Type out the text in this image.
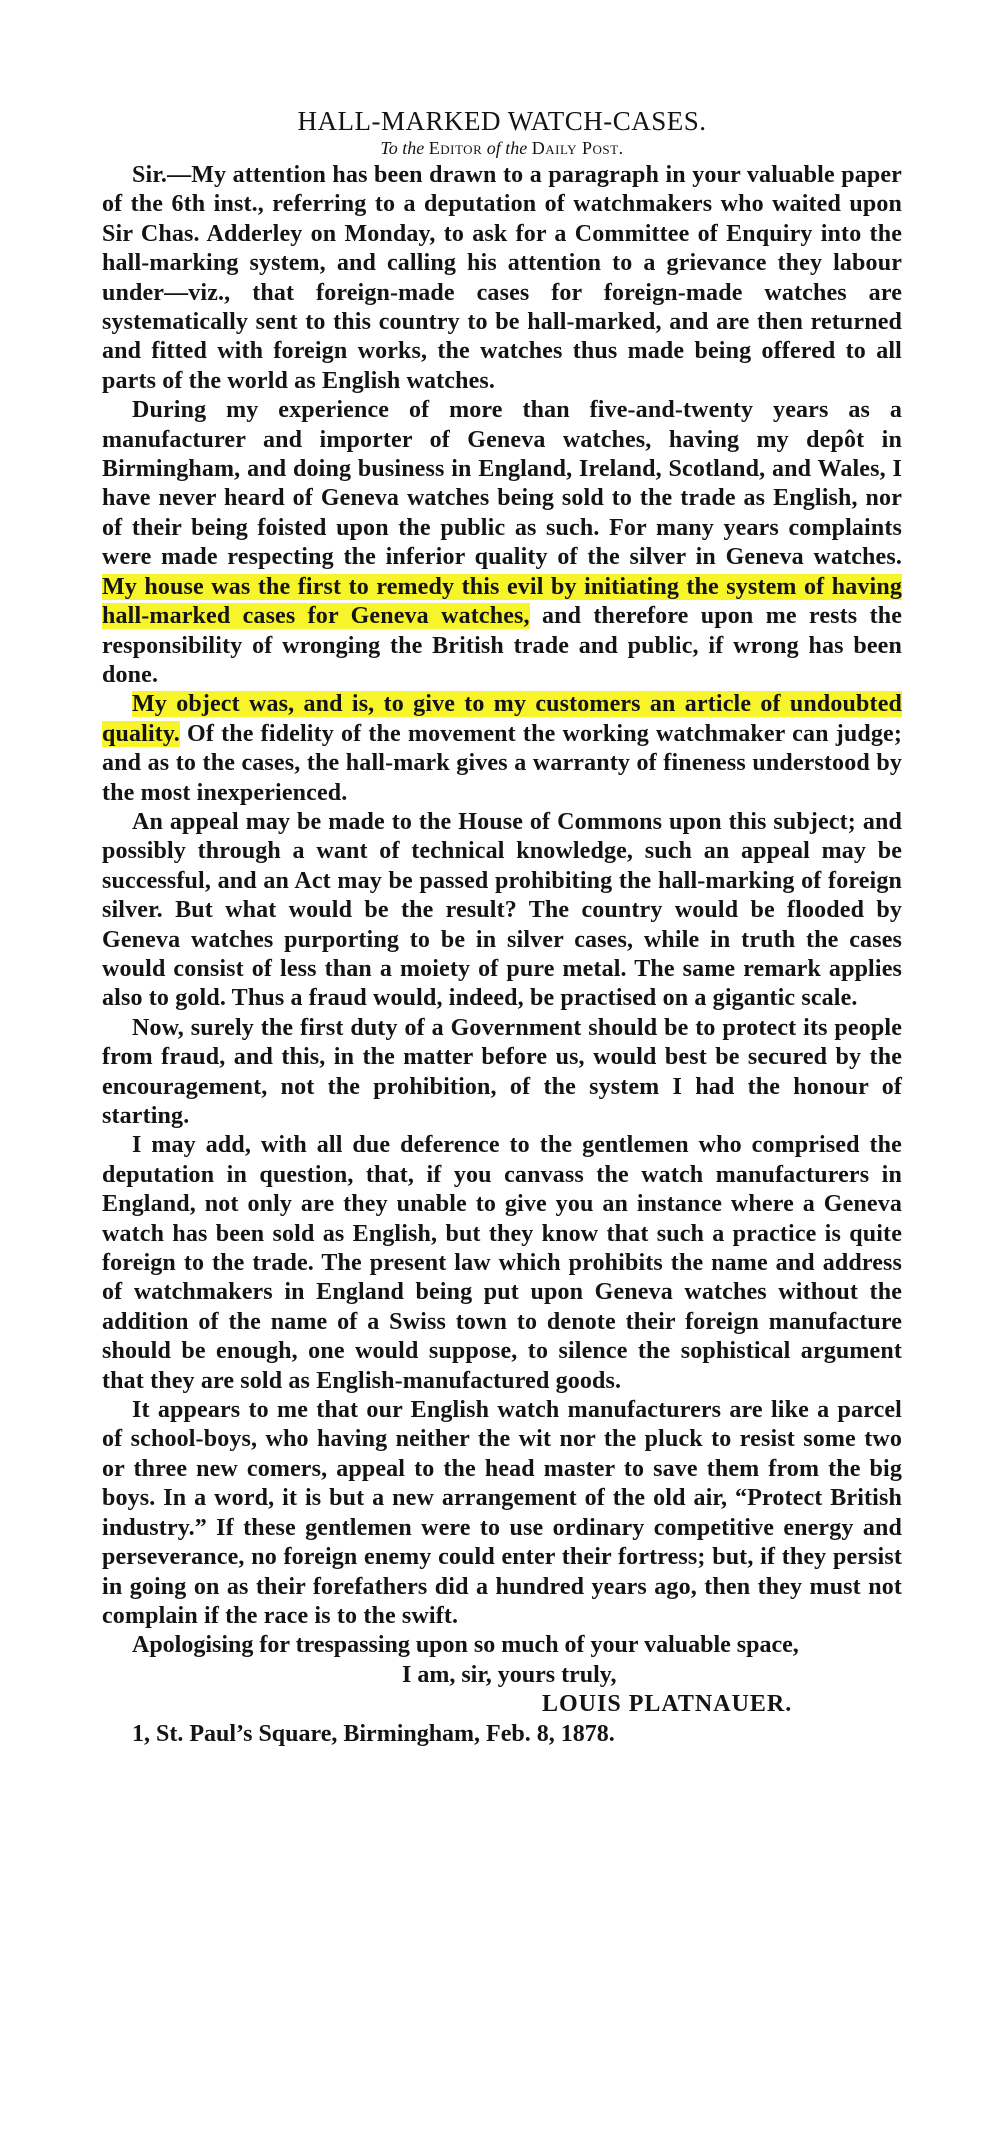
HALL-MARKED WATCH-CASES.
To the Editor of the Daily Post.

Sir.—My attention has been drawn to a paragraph in your valuable paper of the 6th inst., referring to a deputation of watchmakers who waited upon Sir Chas. Adderley on Monday, to ask for a Committee of Enquiry into the hall-marking system, and calling his attention to a grievance they labour under—viz., that foreign-made cases for foreign-made watches are systematically sent to this country to be hall-marked, and are then returned and fitted with foreign works, the watches thus made being offered to all parts of the world as English watches.

During my experience of more than five-and-twenty years as a manufacturer and importer of Geneva watches, having my depôt in Birmingham, and doing business in England, Ireland, Scotland, and Wales, I have never heard of Geneva watches being sold to the trade as English, nor of their being foisted upon the public as such. For many years complaints were made respecting the inferior quality of the silver in Geneva watches. My house was the first to remedy this evil by initiating the system of having hall-marked cases for Geneva watches, and therefore upon me rests the responsibility of wronging the British trade and public, if wrong has been done.

My object was, and is, to give to my customers an article of undoubted quality. Of the fidelity of the movement the working watchmaker can judge; and as to the cases, the hall-mark gives a warranty of fineness understood by the most inexperienced.

An appeal may be made to the House of Commons upon this subject; and possibly through a want of technical knowledge, such an appeal may be successful, and an Act may be passed prohibiting the hall-marking of foreign silver. But what would be the result? The country would be flooded by Geneva watches purporting to be in silver cases, while in truth the cases would consist of less than a moiety of pure metal. The same remark applies also to gold. Thus a fraud would, indeed, be practised on a gigantic scale.

Now, surely the first duty of a Government should be to protect its people from fraud, and this, in the matter before us, would best be secured by the encouragement, not the prohibition, of the system I had the honour of starting.

I may add, with all due deference to the gentlemen who comprised the deputation in question, that, if you canvass the watch manufacturers in England, not only are they unable to give you an instance where a Geneva watch has been sold as English, but they know that such a practice is quite foreign to the trade. The present law which prohibits the name and address of watchmakers in England being put upon Geneva watches without the addition of the name of a Swiss town to denote their foreign manufacture should be enough, one would suppose, to silence the sophistical argument that they are sold as English-manufactured goods.

It appears to me that our English watch manufacturers are like a parcel of school-boys, who having neither the wit nor the pluck to resist some two or three new comers, appeal to the head master to save them from the big boys. In a word, it is but a new arrangement of the old air, “Protect British industry.” If these gentlemen were to use ordinary competitive energy and perseverance, no foreign enemy could enter their fortress; but, if they persist in going on as their forefathers did a hundred years ago, then they must not complain if the race is to the swift.

Apologising for trespassing upon so much of your valuable space,

I am, sir, yours truly,

LOUIS PLATNAUER.

1, St. Paul’s Square, Birmingham, Feb. 8, 1878.
